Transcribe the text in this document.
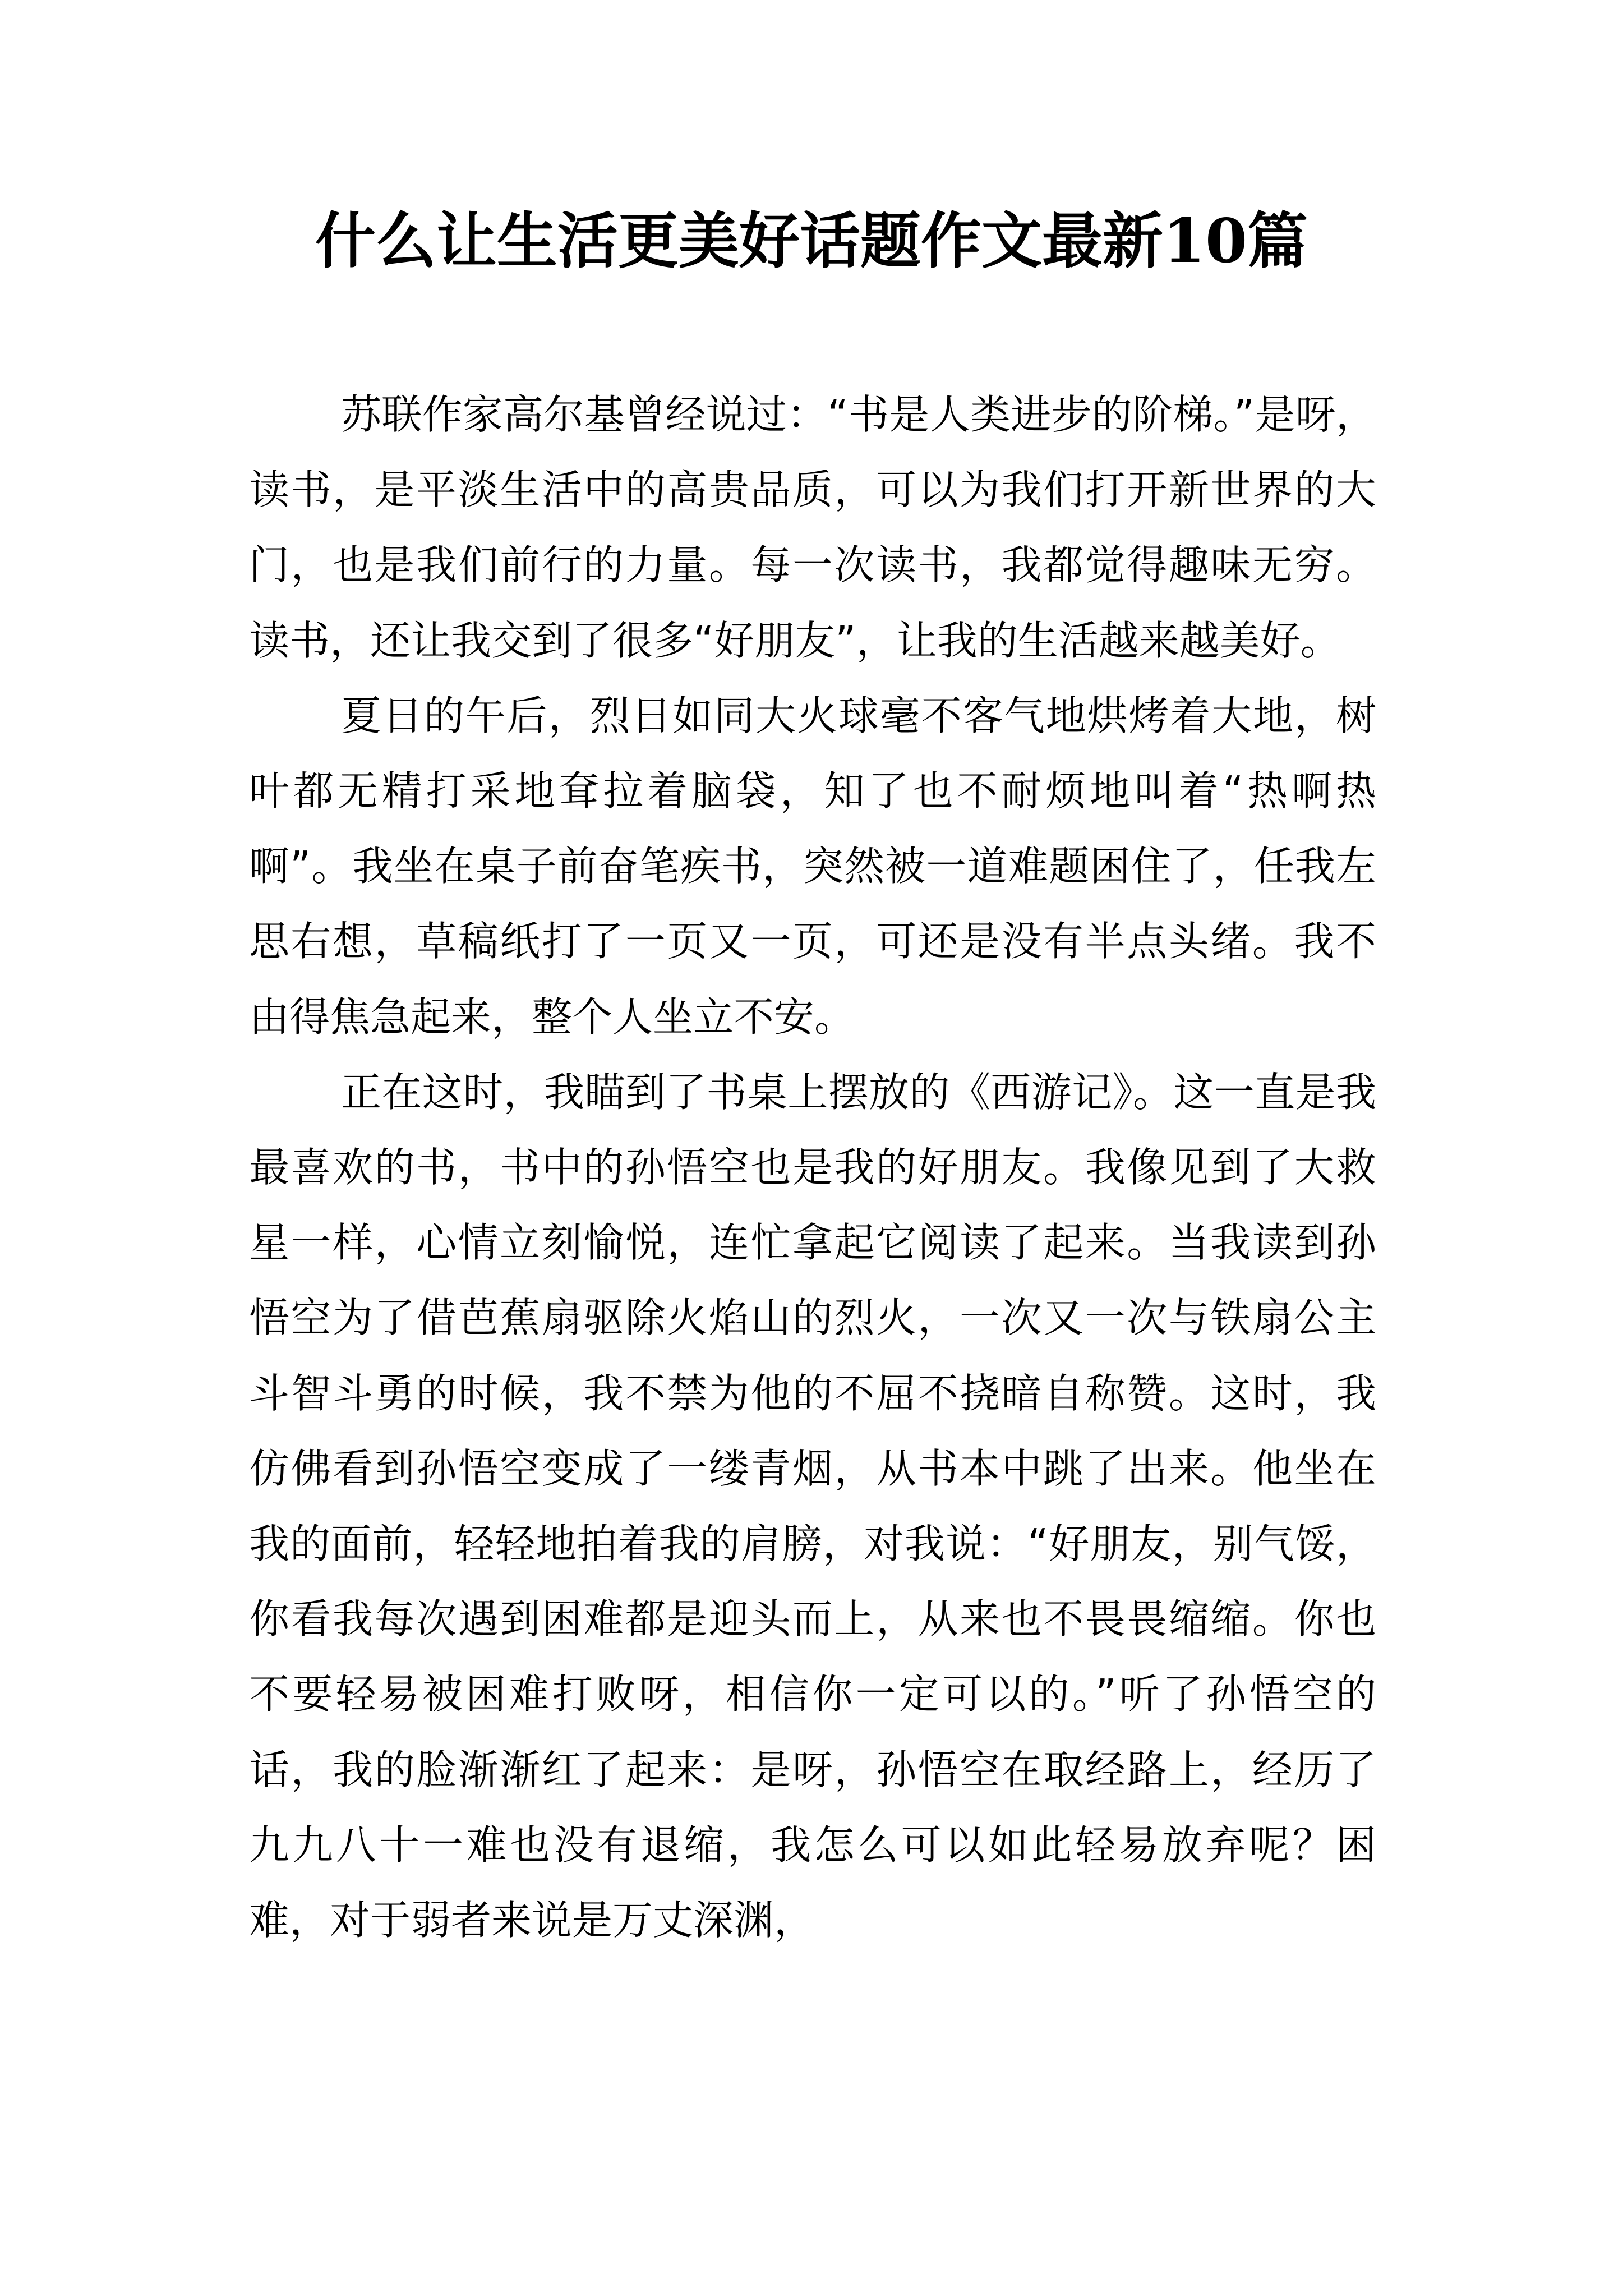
什么让生活更美好话题作文最新10篇

苏联作家高尔基曾经说过：“书是人类进步的阶梯。”是呀，读书，是平淡生活中的高贵品质，可以为我们打开新世界的大门，也是我们前行的力量。每一次读书，我都觉得趣味无穷。读书，还让我交到了很多“好朋友”，让我的生活越来越美好。

夏日的午后，烈日如同大火球毫不客气地烘烤着大地，树叶都无精打采地耷拉着脑袋，知了也不耐烦地叫着“热啊热啊”。我坐在桌子前奋笔疾书，突然被一道难题困住了，任我左思右想，草稿纸打了一页又一页，可还是没有半点头绪。我不由得焦急起来，整个人坐立不安。

正在这时，我瞄到了书桌上摆放的《西游记》。这一直是我最喜欢的书，书中的孙悟空也是我的好朋友。我像见到了大救星一样，心情立刻愉悦，连忙拿起它阅读了起来。当我读到孙悟空为了借芭蕉扇驱除火焰山的烈火，一次又一次与铁扇公主斗智斗勇的时候，我不禁为他的不屈不挠暗自称赞。这时，我仿佛看到孙悟空变成了一缕青烟，从书本中跳了出来。他坐在我的面前，轻轻地拍着我的肩膀，对我说：“好朋友，别气馁，你看我每次遇到困难都是迎头而上，从来也不畏畏缩缩。你也不要轻易被困难打败呀，相信你一定可以的。”听了孙悟空的话，我的脸渐渐红了起来：是呀，孙悟空在取经路上，经历了九九八十一难也没有退缩，我怎么可以如此轻易放弃呢？困难，对于弱者来说是万丈深渊，
